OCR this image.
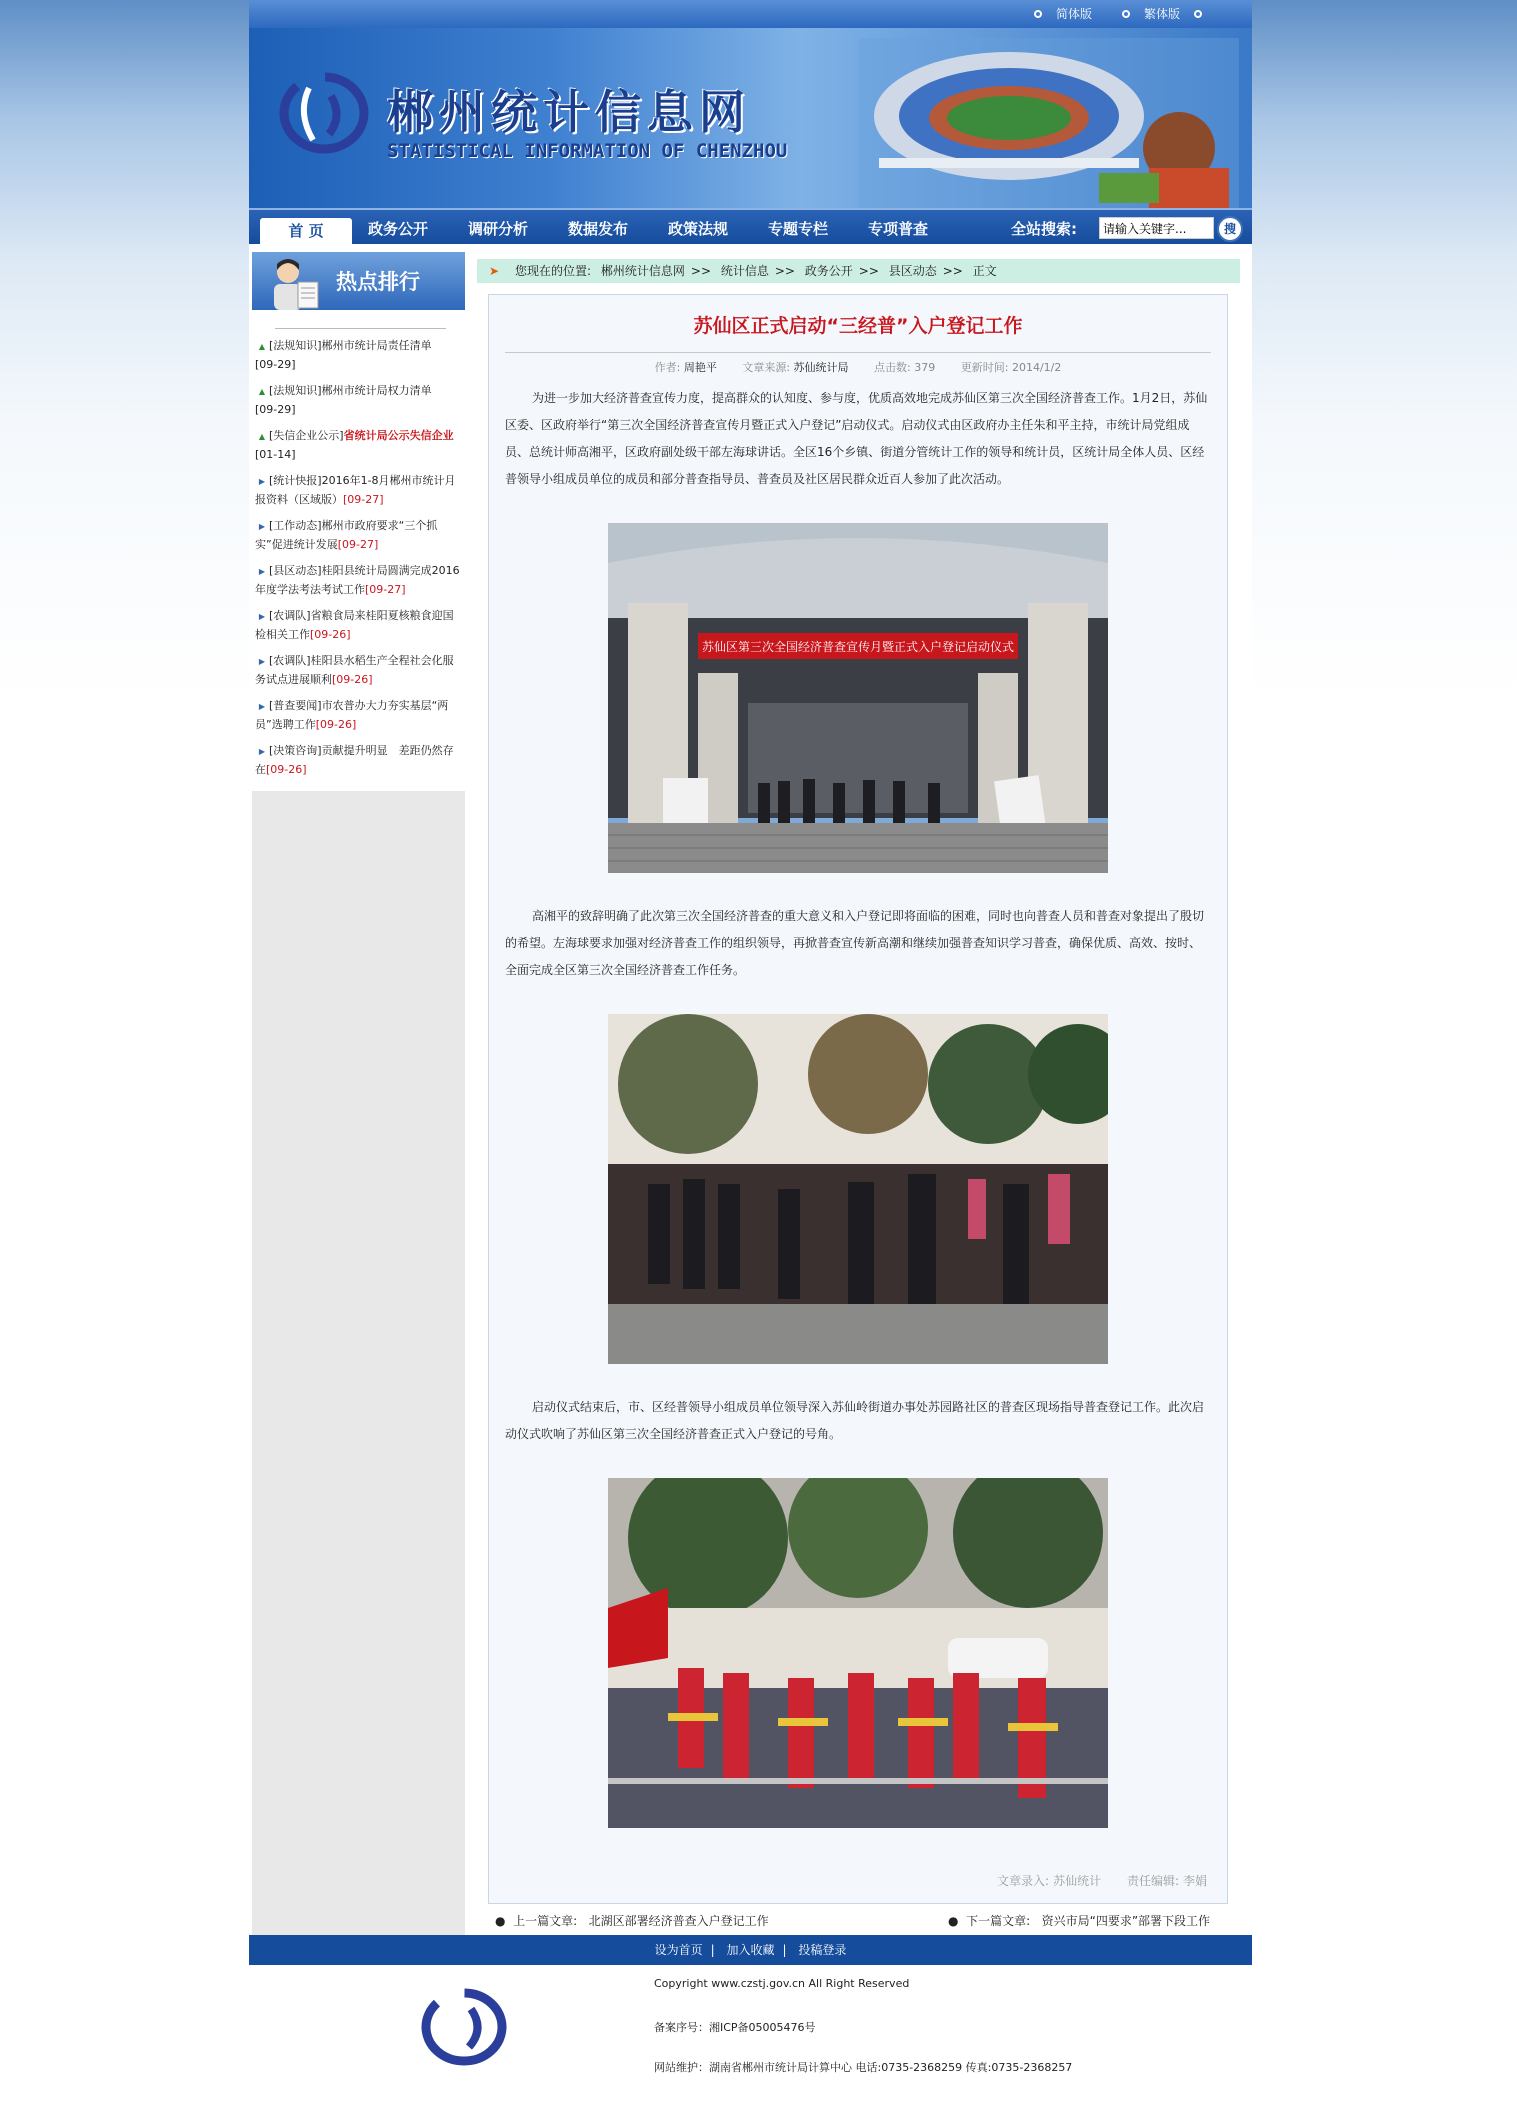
简体版	繁体版
郴州统计信息网
STATISTICAL INFORMATION OF CHENZHOU
首 页	政务公开	调研分析	数据发布	政策法规	专题专栏	专项普查	全站搜索:
请输入关键字...	搜
热点排行
▲ [法规知识]郴州市统计局责任清单
[09-29]
▲ [法规知识]郴州市统计局权力清单
[09-29]
▲ [失信企业公示]省统计局公示失信企业[01-14]
▶ [统计快报]2016年1-8月郴州市统计月报资料（区域版）[09-27]
▶ [工作动态]郴州市政府要求“三个抓实”促进统计发展[09-27]
▶ [县区动态]桂阳县统计局圆满完成2016年度学法考法考试工作[09-27]
▶ [农调队]省粮食局来桂阳夏核粮食迎国检相关工作[09-26]
▶ [农调队]桂阳县水稻生产全程社会化服务试点进展顺利[09-26]
▶ [普查要闻]市农普办大力夯实基层“两员”选聘工作[09-26]
▶ [决策咨询]贡献提升明显　差距仍然存在[09-26]
➤ 您现在的位置: 郴州统计信息网 >> 统计信息 >> 政务公开 >> 县区动态 >> 正文
苏仙区正式启动“三经普”入户登记工作
作者: 周艳平 文章来源: 苏仙统计局 点击数: 379 更新时间: 2014/1/2

为进一步加大经济普查宣传力度，提高群众的认知度、参与度，优质高效地完成苏仙区第三次全国经济普查工作。1月2日，苏仙区委、区政府举行“第三次全国经济普查宣传月暨正式入户登记”启动仪式。启动仪式由区政府办主任朱和平主持，市统计局党组成员、总统计师高湘平，区政府副处级干部左海球讲话。全区16个乡镇、街道分管统计工作的领导和统计员，区统计局全体人员、区经普领导小组成员单位的成员和部分普查指导员、普查员及社区居民群众近百人参加了此次活动。

苏仙区第三次全国经济普查宣传月暨正式入户登记启动仪式

高湘平的致辞明确了此次第三次全国经济普查的重大意义和入户登记即将面临的困难，同时也向普查人员和普查对象提出了殷切的希望。左海球要求加强对经济普查工作的组织领导，再掀普查宣传新高潮和继续加强普查知识学习普查，确保优质、高效、按时、全面完成全区第三次全国经济普查工作任务。

启动仪式结束后，市、区经普领导小组成员单位领导深入苏仙岭街道办事处苏园路社区的普查区现场指导普查登记工作。此次启动仪式吹响了苏仙区第三次全国经济普查正式入户登记的号角。

文章录入: 苏仙统计 责任编辑: 李娟
● 上一篇文章: 北湖区部署经济普查入户登记工作	● 下一篇文章: 资兴市局“四要求”部署下段工作
设为首页 | 加入收藏 | 投稿登录
Copyright www.czstj.gov.cn All Right Reserved
备案序号：湘ICP备05005476号
网站维护：湖南省郴州市统计局计算中心 电话:0735-2368259 传真:0735-2368257
